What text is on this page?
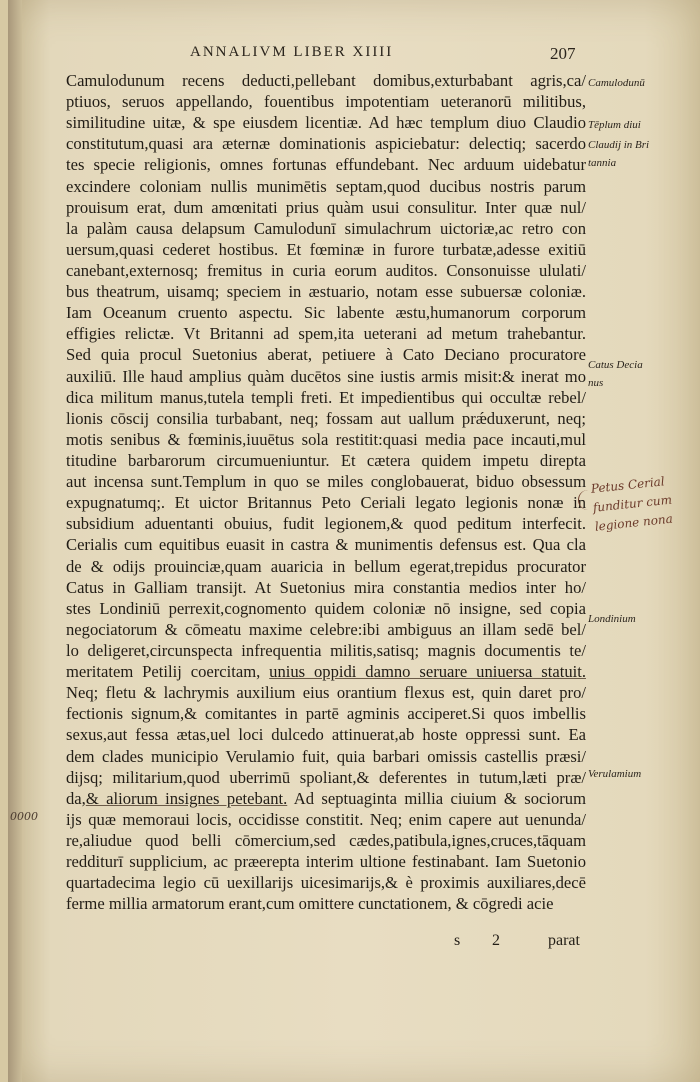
ANNALIVM LIBER XIIII	207
Camulodunum recens deducti,pellebant domibus,exturbabant agris,ca/
ptiuos, seruos appellando, fouentibus impotentiam ueteranorū militibus,
similitudine uitæ, & spe eiusdem licentiæ. Ad hæc templum diuo Claudio
constitutum,quasi ara æternæ dominationis aspiciebatur: delectiq; sacerdo
tes specie religionis, omnes fortunas effundebant. Nec arduum uidebatur
excindere coloniam nullis munimētis septam,quod ducibus nostris parum
prouisum erat, dum amœnitati prius quàm usui consulitur. Inter quæ nul/
la palàm causa delapsum Camulodunī simulachrum uictoriæ,ac retro con
uersum,quasi cederet hostibus. Et fœminæ in furore turbatæ,adesse exitiū
canebant,externosq; fremitus in curia eorum auditos. Consonuisse ululati/
bus theatrum, uisamq; speciem in æstuario, notam esse subuersæ coloniæ.
Iam Oceanum cruento aspectu. Sic labente æstu,humanorum corporum
effigies relictæ. Vt Britanni ad spem,ita ueterani ad metum trahebantur.
Sed quia procul Suetonius aberat, petiuere à Cato Deciano procuratore
auxiliū. Ille haud amplius quàm ducētos sine iustis armis misit:& inerat mo
dica militum manus,tutela templi freti. Et impedientibus qui occultæ rebel/
lionis cōscij consilia turbabant, neq; fossam aut uallum prǽduxerunt, neq;
motis senibus & fœminis,iuuētus sola restitit:quasi media pace incauti,mul
titudine barbarorum circumueniuntur. Et cætera quidem impetu direpta
aut incensa sunt.Templum in quo se miles conglobauerat, biduo obsessum
expugnatumq;. Et uictor Britannus Peto Ceriali legato legionis nonæ in
subsidium aduentanti obuius, fudit legionem,& quod peditum interfecit.
Cerialis cum equitibus euasit in castra & munimentis defensus est. Qua cla
de & odijs prouinciæ,quam auaricia in bellum egerat,trepidus procurator
Catus in Galliam transijt. At Suetonius mira constantia medios inter ho/
stes Londiniū perrexit,cognomento quidem coloniæ nō insigne, sed copia
negociatorum & cōmeatu maxime celebre:ibi ambiguus an illam sedē bel/
lo deligeret,circunspecta infrequentia militis,satisq; magnis documentis te/
meritatem Petilij coercitam, unius oppidi damno seruare uniuersa statuit.
Neq; fletu & lachrymis auxilium eius orantium flexus est, quin daret pro/
fectionis signum,& comitantes in partē agminis acciperet.Si quos imbellis
sexus,aut fessa ætas,uel loci dulcedo attinuerat,ab hoste oppressi sunt. Ea
dem clades municipio Verulamio fuit, quia barbari omissis castellis præsi/
dijsq; militarium,quod uberrimū spoliant,& deferentes in tutum,læti præ/
da,& aliorum insignes petebant. Ad septuaginta millia ciuium & sociorum
ijs quæ memoraui locis, occidisse constitit. Neq; enim capere aut uenunda/
re,aliudue quod belli cōmercium,sed cædes,patibula,ignes,cruces,tāquam
redditurī supplicium, ac præerepta interim ultione festinabant. Iam Suetonio
quartadecima legio cū uexillarijs uicesimarijs,& è proximis auxiliares,decē
ferme millia armatorum erant,cum omittere cunctationem, & cōgredi acie
Camulodunū
Tēplum diui
Claudij in Bri
tannia
Catus Decia
nus
Londinium
Verulamium
Petus Cerial
funditur cum
legione nona
0000
s 2	parat
